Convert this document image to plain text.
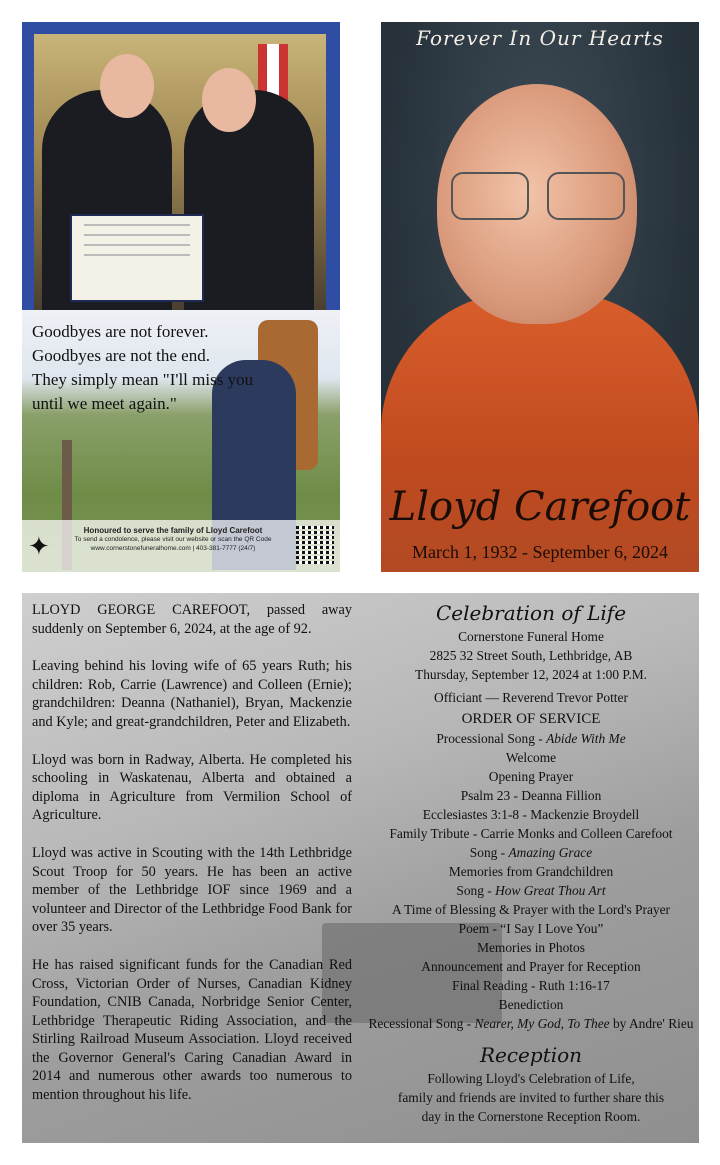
Goodbyes are not forever.
Goodbyes are not the end.
They simply mean "I'll miss you
until we meet again."
✦
Honoured to serve the family of Lloyd Carefoot
To send a condolence, please visit our website or scan the QR Code
www.cornerstonefuneralhome.com | 403-381-7777 (24/7)
Forever In Our Hearts
Lloyd Carefoot
March 1, 1932 - September 6, 2024

LLOYD GEORGE CAREFOOT, passed away suddenly on September 6, 2024, at the age of 92.

Leaving behind his loving wife of 65 years Ruth; his children: Rob, Carrie (Lawrence) and Colleen (Ernie); grandchildren: Deanna (Nathaniel), Bryan, Mackenzie and Kyle; and great-grandchildren, Peter and Elizabeth.

Lloyd was born in Radway, Alberta. He completed his schooling in Waskatenau, Alberta and obtained a diploma in Agriculture from Vermilion School of Agriculture.

Lloyd was active in Scouting with the 14th Lethbridge Scout Troop for 50 years. He has been an active member of the Lethbridge IOF since 1969 and a volunteer and Director of the Lethbridge Food Bank for over 35 years.

He has raised significant funds for the Canadian Red Cross, Victorian Order of Nurses, Canadian Kidney Foundation, CNIB Canada, Norbridge Senior Center, Lethbridge Therapeutic Riding Association, and the Stirling Railroad Museum Association. Lloyd received the Governor General's Caring Canadian Award in 2014 and numerous other awards too numerous to mention throughout his life.

Celebration of Life
Cornerstone Funeral Home
2825 32 Street South, Lethbridge, AB
Thursday, September 12, 2024 at 1:00 P.M.
Officiant — Reverend Trevor Potter
ORDER OF SERVICE
Processional Song - Abide With Me
Welcome
Opening Prayer
Psalm 23 - Deanna Fillion
Ecclesiastes 3:1-8 - Mackenzie Broydell
Family Tribute - Carrie Monks and Colleen Carefoot
Song - Amazing Grace
Memories from Grandchildren
Song - How Great Thou Art
A Time of Blessing & Prayer with the Lord's Prayer
Poem - “I Say I Love You”
Memories in Photos
Announcement and Prayer for Reception
Final Reading - Ruth 1:16-17
Benediction
Recessional Song - Nearer, My God, To Thee by Andre' Rieu
Reception
Following Lloyd's Celebration of Life,
family and friends are invited to further share this
day in the Cornerstone Reception Room.
